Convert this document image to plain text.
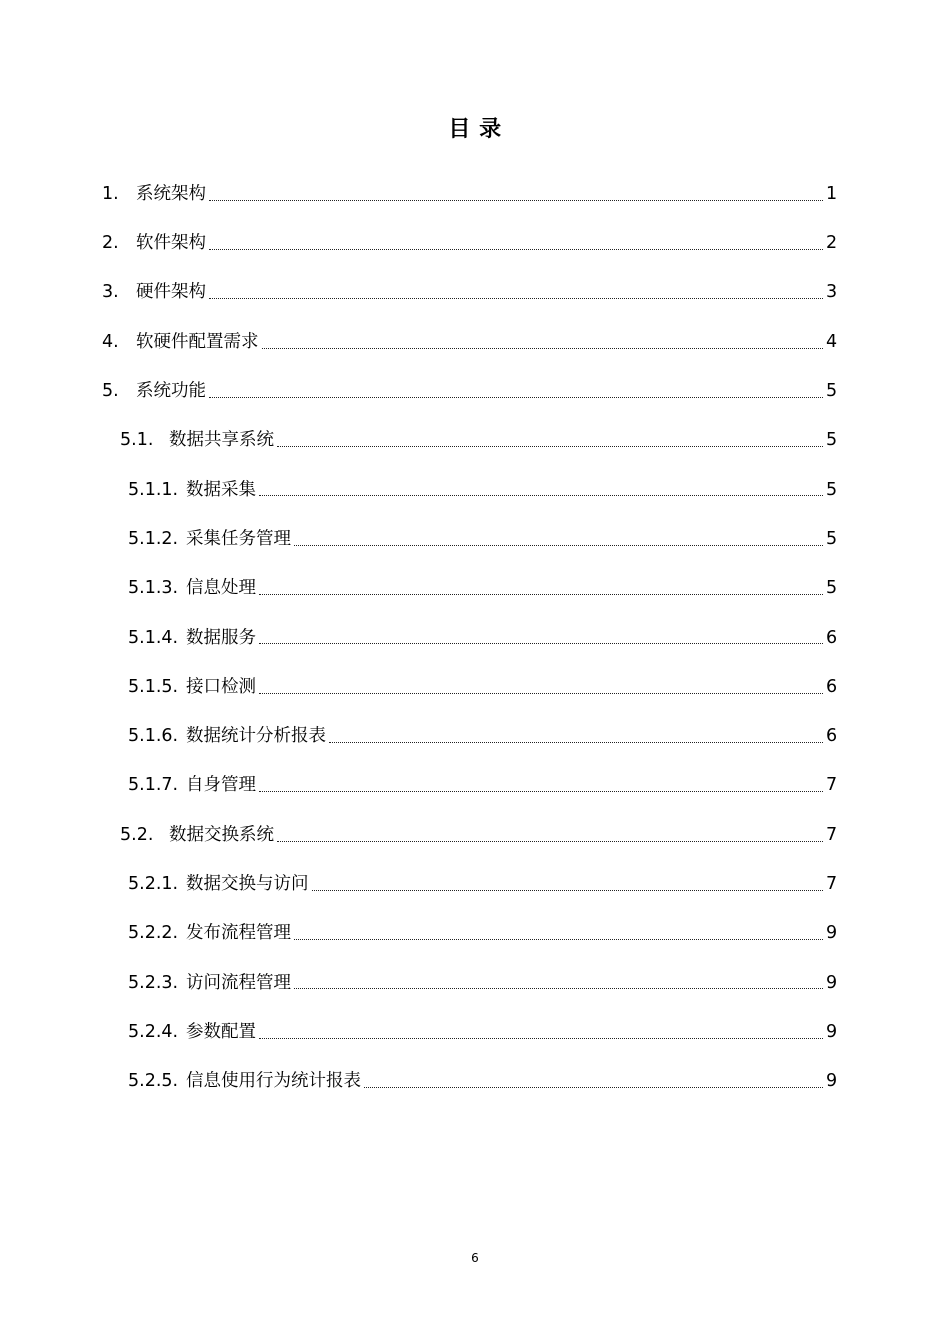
目 录
1. 系统架构	1
2. 软件架构	2
3. 硬件架构	3
4. 软硬件配置需求	4
5. 系统功能	5
5.1. 数据共享系统	5
5.1.1. 数据采集	5
5.1.2. 采集任务管理	5
5.1.3. 信息处理	5
5.1.4. 数据服务	6
5.1.5. 接口检测	6
5.1.6. 数据统计分析报表	6
5.1.7. 自身管理	7
5.2. 数据交换系统	7
5.2.1. 数据交换与访问	7
5.2.2. 发布流程管理	9
5.2.3. 访问流程管理	9
5.2.4. 参数配置	9
5.2.5. 信息使用行为统计报表	9
6
